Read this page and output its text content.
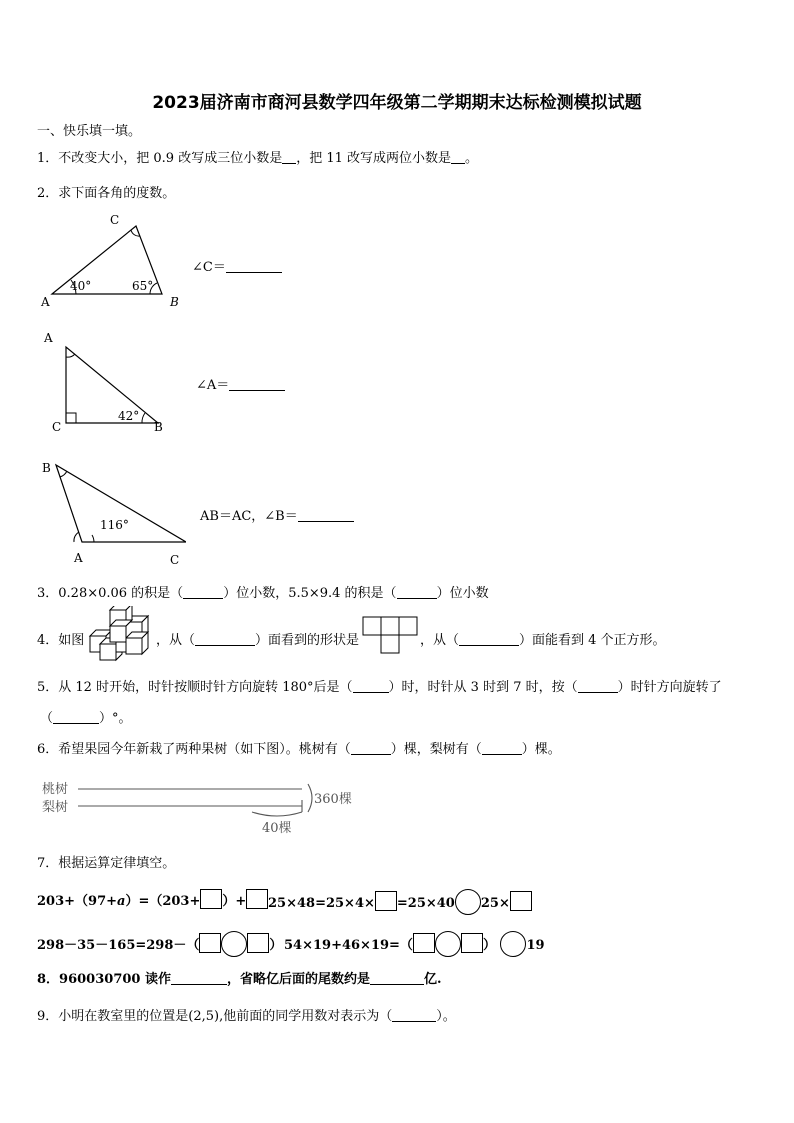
2023届济南市商河县数学四年级第二学期期末达标检测模拟试题
一、快乐填一填。
1．不改变大小，把 0.9 改写成三位小数是 ，把 11 改写成两位小数是 。
2．求下面各角的度数。
A	B
C
40°	65°
∠C＝
A
C	B
42°
∠A＝
B
A	C
116°
AB＝AC，∠B＝
3．0.28×0.06 的积是（	）位小数，5.5×9.4 的积是（	）位小数
4．如图	，从（	）面看到的形状是	，从（	）面能看到 4 个正方形。
5．从 12 时开始，时针按顺时针方向旋转 180°后是（	）时，时针从 3 时到 7 时，按（	）时针方向旋转了
（	）°。
6．希望果园今年新栽了两种果树（如下图）。桃树有（	）棵，梨树有（	）棵。
桃树
梨树
360棵
40棵
7．根据运算定律填空。
203+（97+a）=（203+ ）+	25×48=25×4× =25×40 25×
298－35－165=298－（	） 54×19+46×19=（	） 19
8．960030700 读作	，省略亿后面的尾数约是	亿.
9．小明在教室里的位置是(2,5),他前面的同学用数对表示为（	）。
